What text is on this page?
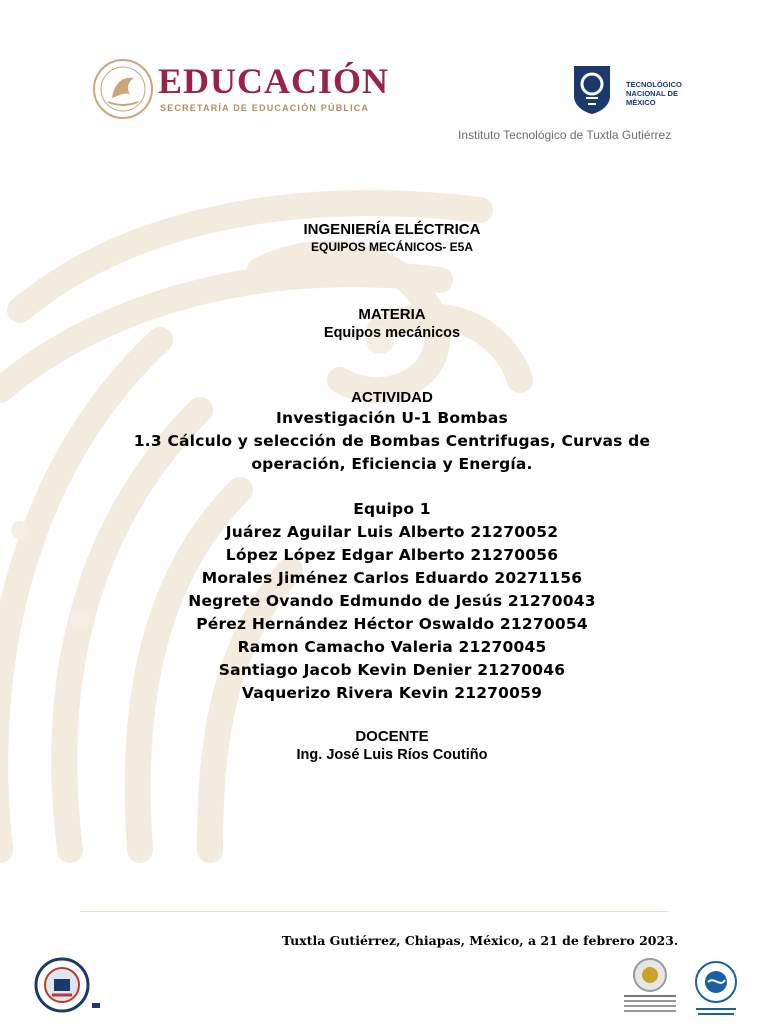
EDUCACIÓN
SECRETARÍA DE EDUCACIÓN PÚBLICA
TECNOLÓGICO
NACIONAL DE MÉXICO
Instituto Tecnológico de Tuxtla Gutiérrez
INGENIERÍA ELÉCTRICA
EQUIPOS MECÁNICOS- E5A
MATERIA
Equipos mecánicos
ACTIVIDAD
Investigación U-1 Bombas
1.3 Cálculo y selección de Bombas Centrifugas, Curvas de
operación, Eficiencia y Energía.
Equipo 1
Juárez Aguilar Luis Alberto 21270052
López López Edgar Alberto 21270056
Morales Jiménez Carlos Eduardo 20271156
Negrete Ovando Edmundo de Jesús 21270043
Pérez Hernández Héctor Oswaldo 21270054
Ramon Camacho Valeria 21270045
Santiago Jacob Kevin Denier 21270046
Vaquerizo Rivera Kevin 21270059
DOCENTE
Ing. José Luis Ríos Coutiño
Tuxtla Gutiérrez, Chiapas, México, a 21 de febrero 2023.
